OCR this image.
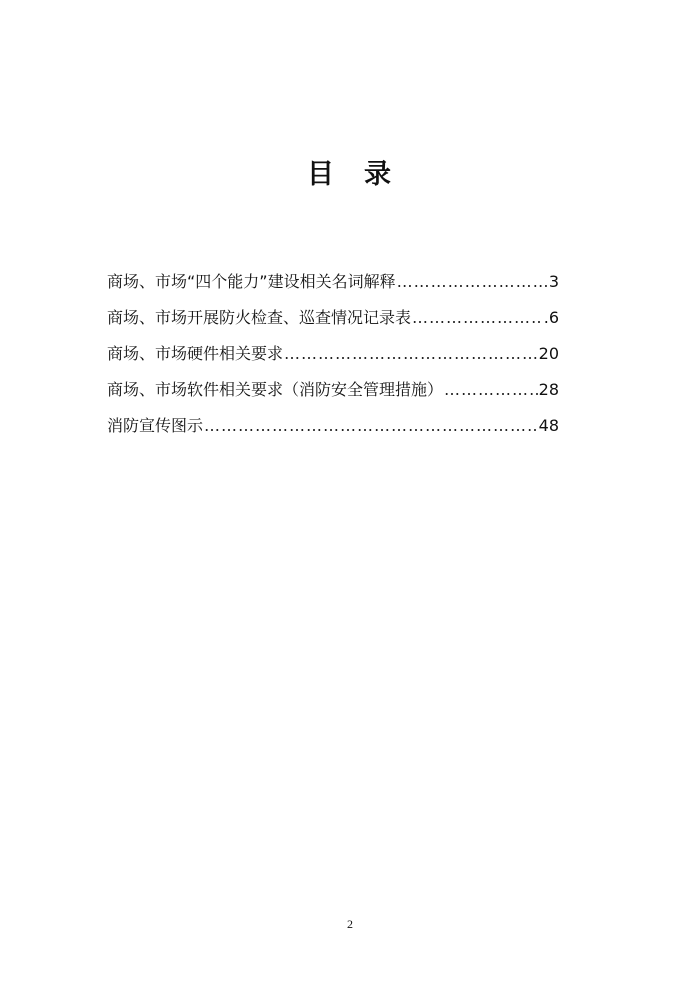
目 录
商场、市场“四个能力”建设相关名词解释 ……………………………………………………………………………………………………………………………………	3
商场、市场开展防火检查、巡查情况记录表 ……………………………………………………………………………………………………………………………………	.6
商场、市场硬件相关要求 ……………………………………………………………………………………………………………………………………	20
商场、市场软件相关要求（消防安全管理措施） ……………………………………………………………………………………………………………………………………	28
消防宣传图示 ……………………………………………………………………………………………………………………………………	48
2
